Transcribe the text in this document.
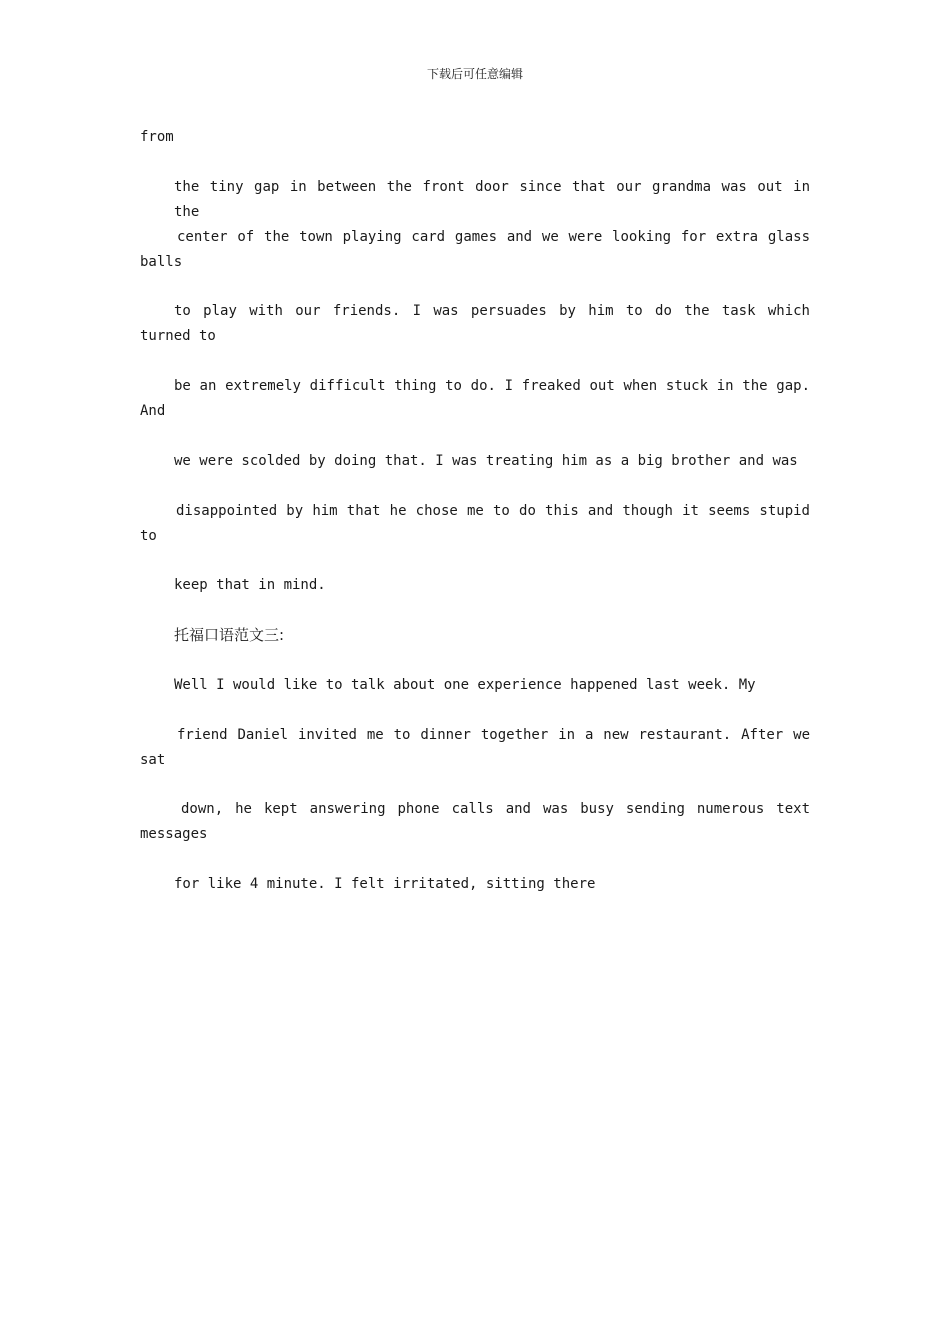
下载后可任意编辑
from
the tiny gap in between the front door since that our grandma was out in the
center of the town playing card games and we were looking for extra glass balls
to play with our friends. I was persuades by him to do the task which turned to
be an extremely difficult thing to do. I freaked out when stuck in the gap. And
we were scolded by doing that. I was treating him as a big brother and was
disappointed by him that he chose me to do this and though it seems stupid to
keep that in mind.
托福口语范文三:
Well I would like to talk about one experience happened last week. My
friend Daniel invited me to dinner together in a new restaurant. After we sat
down, he kept answering phone calls and was busy sending numerous text messages
for like 4 minute. I felt irritated, sitting there
